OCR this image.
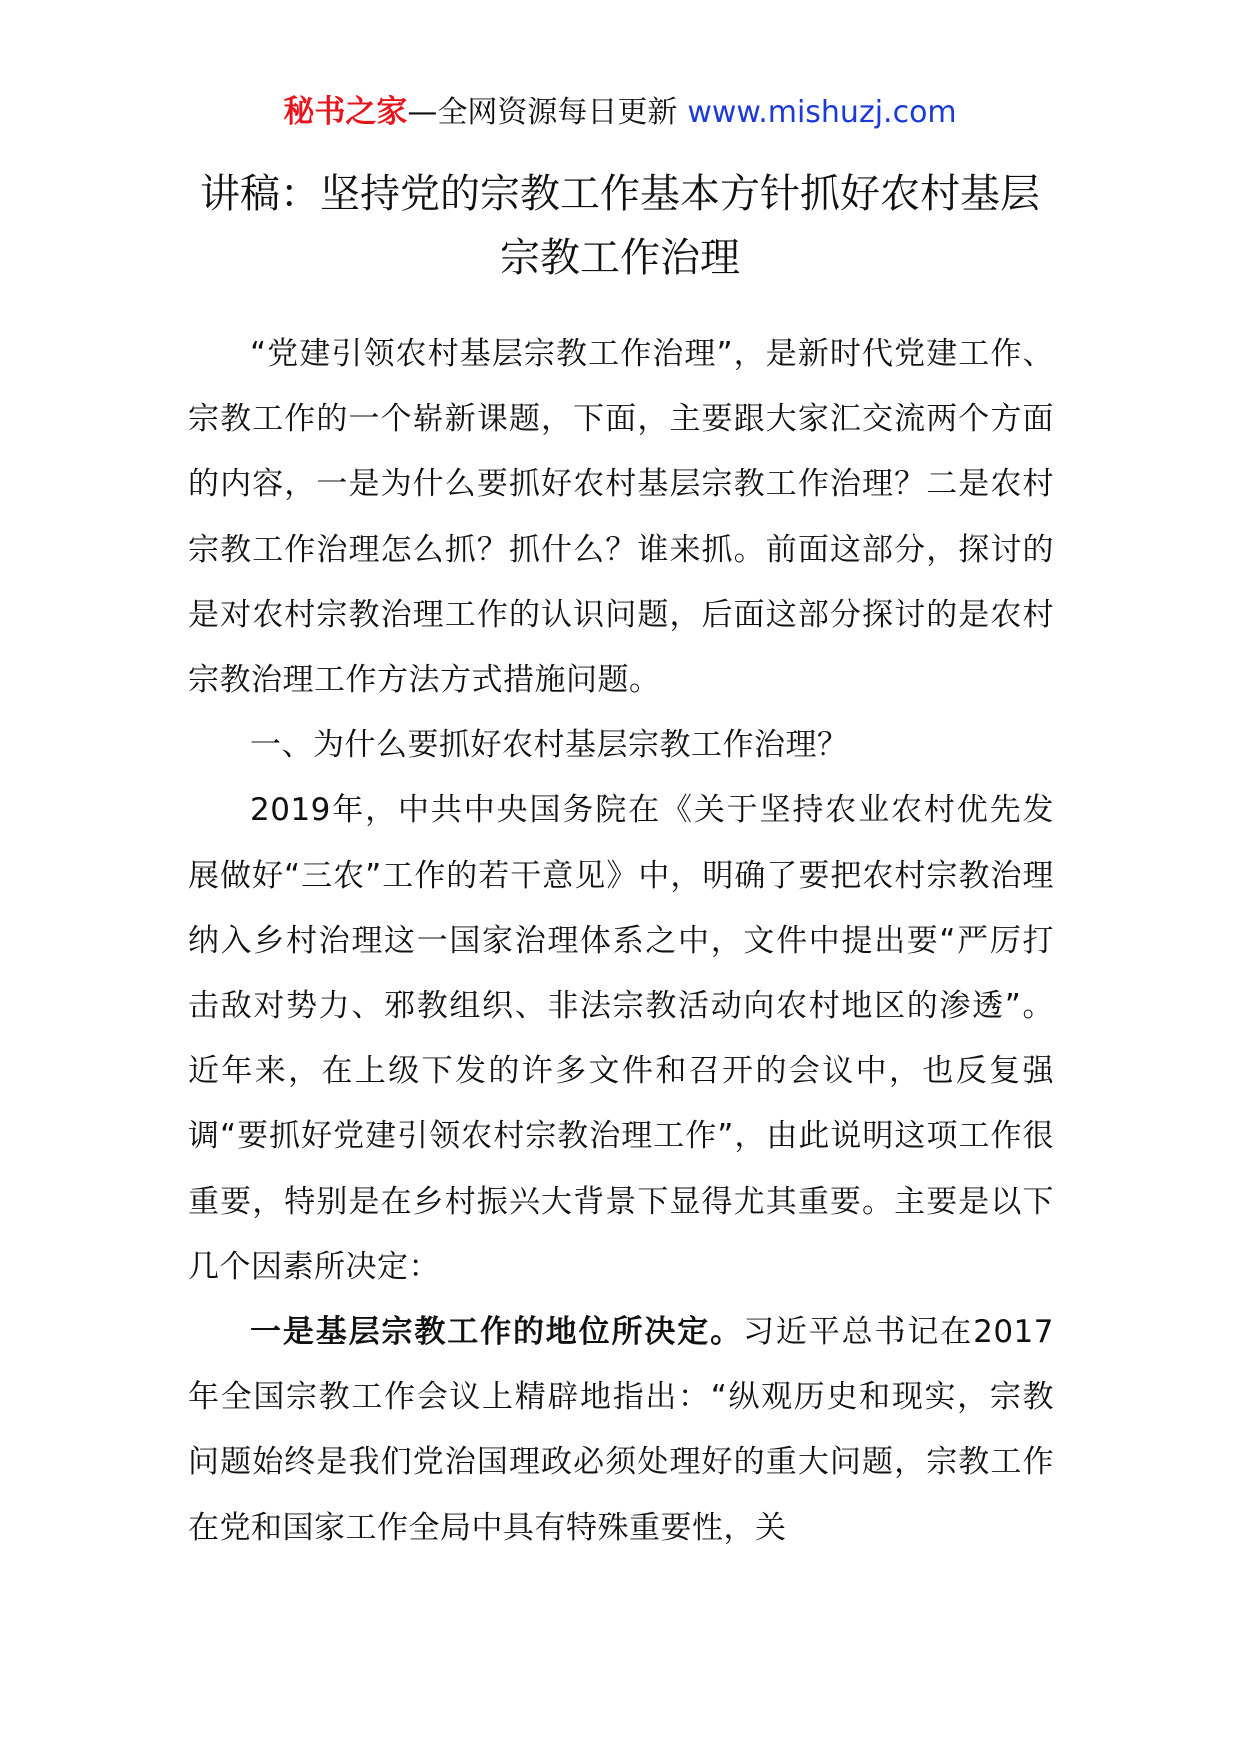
秘书之家—全网资源每日更新 www.mishuzj.com
讲稿：坚持党的宗教工作基本方针抓好农村基层宗教工作治理

“党建引领农村基层宗教工作治理”，是新时代党建工作、宗教工作的一个崭新课题，下面，主要跟大家汇交流两个方面的内容，一是为什么要抓好农村基层宗教工作治理？二是农村宗教工作治理怎么抓？抓什么？谁来抓。前面这部分，探讨的是对农村宗教治理工作的认识问题，后面这部分探讨的是农村宗教治理工作方法方式措施问题。

一、为什么要抓好农村基层宗教工作治理？

2019年，中共中央国务院在《关于坚持农业农村优先发展做好“三农”工作的若干意见》中，明确了要把农村宗教治理纳入乡村治理这一国家治理体系之中，文件中提出要“严厉打击敌对势力、邪教组织、非法宗教活动向农村地区的渗透”。近年来，在上级下发的许多文件和召开的会议中，也反复强调“要抓好党建引领农村宗教治理工作”，由此说明这项工作很重要，特别是在乡村振兴大背景下显得尤其重要。主要是以下几个因素所决定：

一是基层宗教工作的地位所决定。习近平总书记在2017年全国宗教工作会议上精辟地指出：“纵观历史和现实，宗教问题始终是我们党治国理政必须处理好的重大问题，宗教工作在党和国家工作全局中具有特殊重要性，关
